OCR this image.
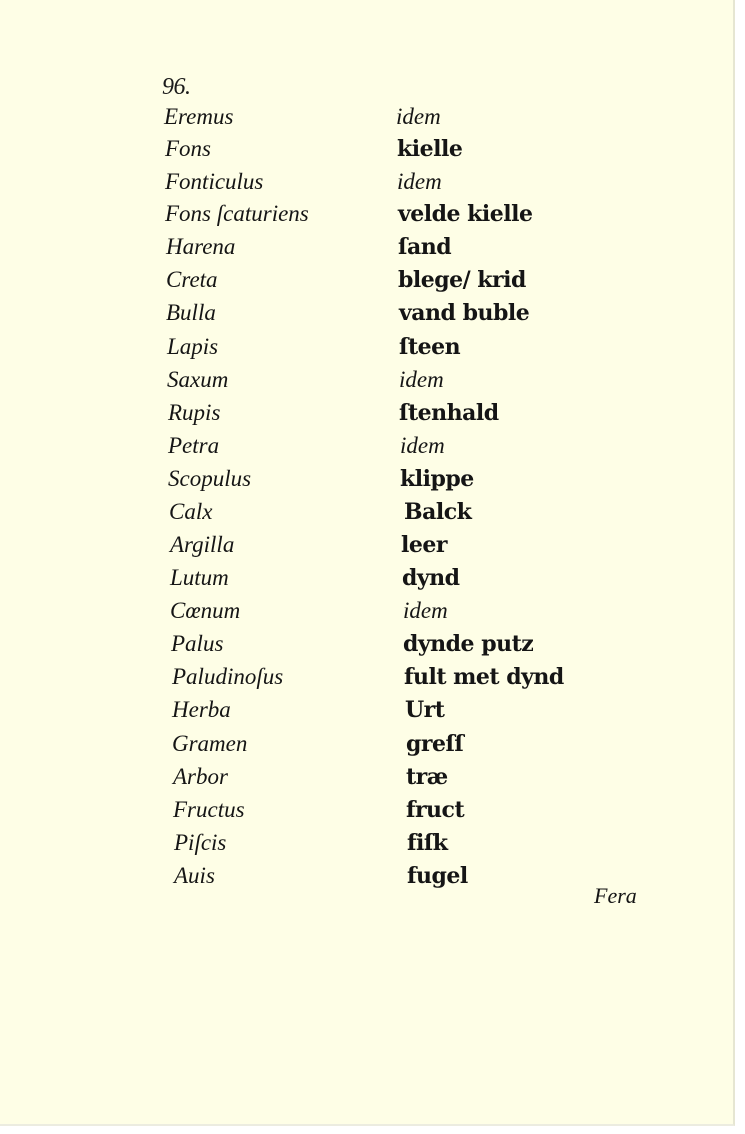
96.
Eremus	idem
Fons	kielle
Fonticulus	idem
Fons ſcaturiens	velde kielle
Harena	ſand
Creta	blege/ krid
Bulla	vand buble
Lapis	ſteen
Saxum	idem
Rupis	ſtenhald
Petra	idem
Scopulus	klippe
Calx	Balck
Argilla	leer
Lutum	dynd
Cœnum	idem
Palus	dynde putz
Paludinoſus	fult met dynd
Herba	Urt
Gramen	greſſ
Arbor	træ
Fructus	fruct
Piſcis	fiſk
Auis	fugel
Fera
